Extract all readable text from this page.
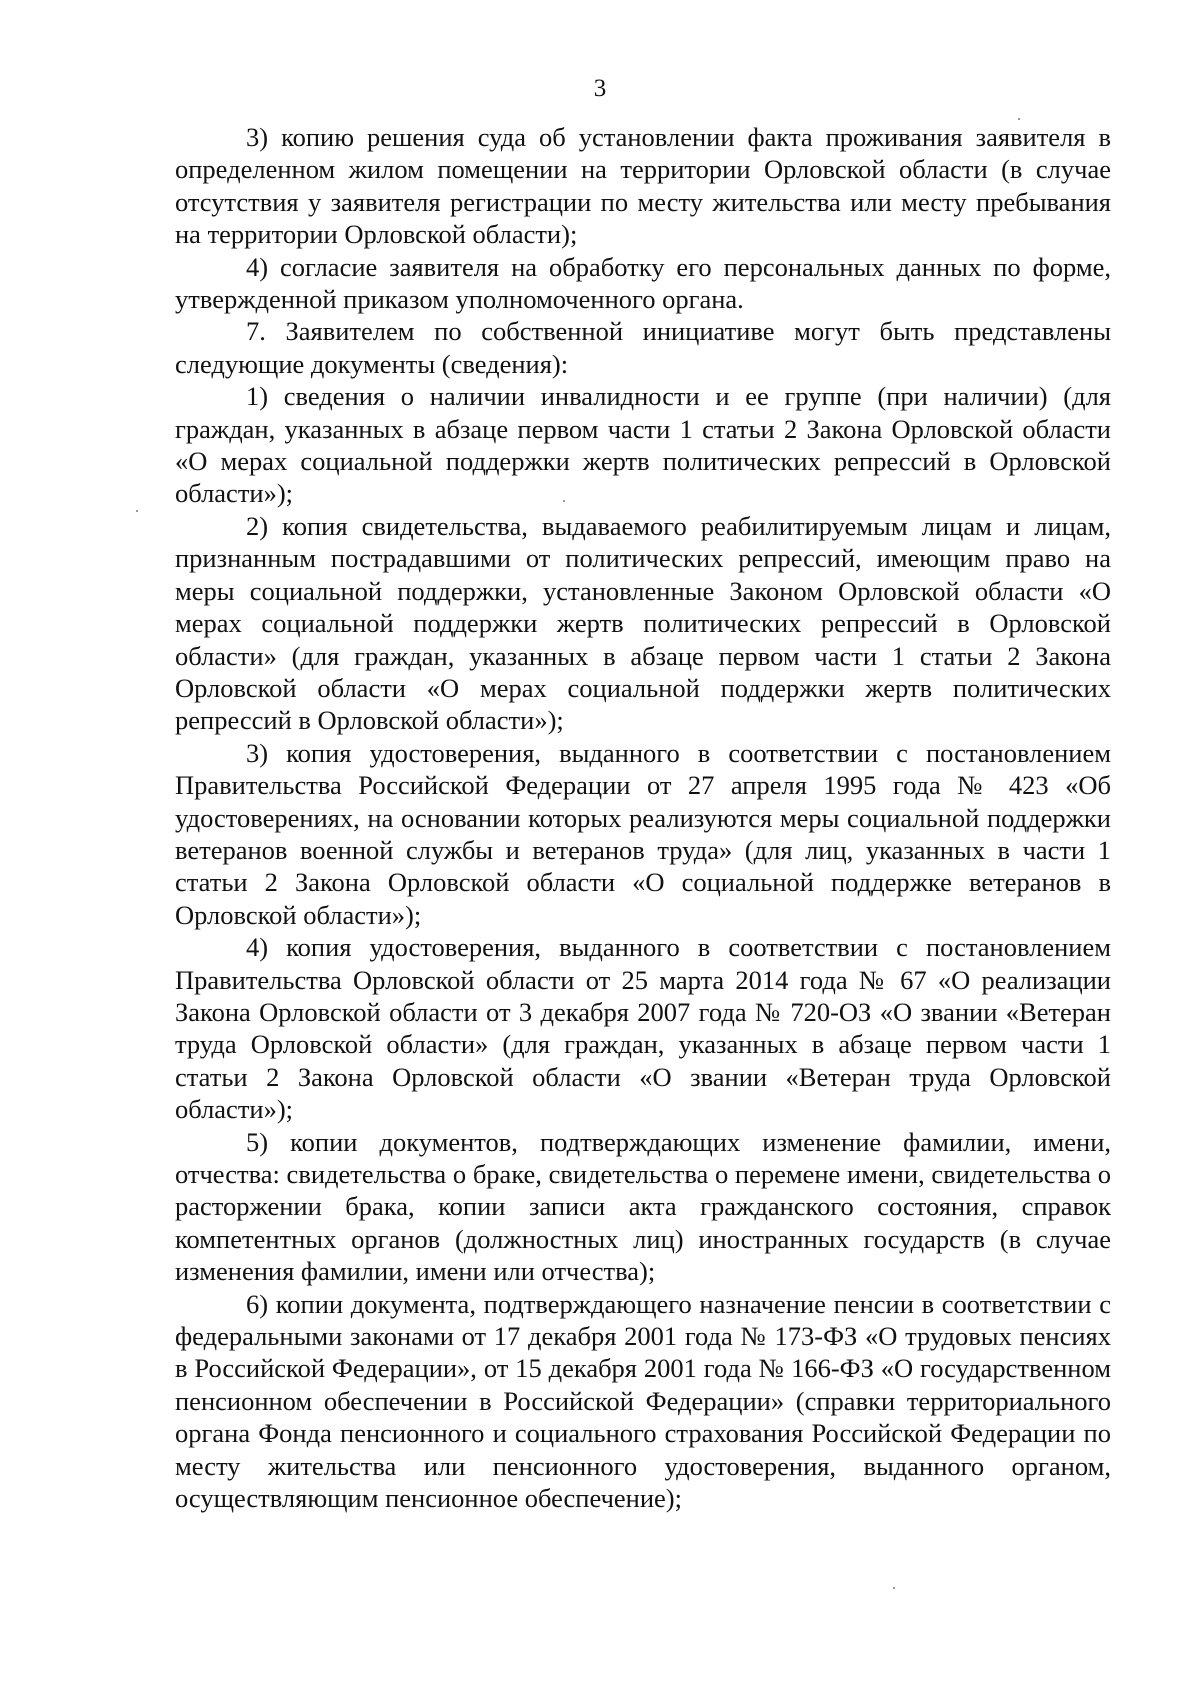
3

3) копию решения суда об установлении факта проживания заявителя в определенном жилом помещении на территории Орловской области (в случае отсутствия у заявителя регистрации по месту жительства или месту пребывания на территории Орловской области);

4) согласие заявителя на обработку его персональных данных по форме, утвержденной приказом уполномоченного органа.

7. Заявителем по собственной инициативе могут быть представлены следующие документы (сведения):

1) сведения о наличии инвалидности и ее группе (при наличии) (для граждан, указанных в абзаце первом части 1 статьи 2 Закона Орловской области «О мерах социальной поддержки жертв политических репрессий в Орловской области»);

2) копия свидетельства, выдаваемого реабилитируемым лицам и лицам, признанным пострадавшими от политических репрессий, имеющим право на меры социальной поддержки, установленные Законом Орловской области «О мерах социальной поддержки жертв политических репрессий в Орловской области» (для граждан, указанных в абзаце первом части 1 статьи 2 Закона Орловской области «О мерах социальной поддержки жертв политических репрессий в Орловской области»);

3) копия удостоверения, выданного в соответствии с постановлением Правительства Российской Федерации от 27 апреля 1995 года № 423 «Об удостоверениях, на основании которых реализуются меры социальной поддержки ветеранов военной службы и ветеранов труда» (для лиц, указанных в части 1 статьи 2 Закона Орловской области «О социальной поддержке ветеранов в Орловской области»);

4) копия удостоверения, выданного в соответствии с постановлением Правительства Орловской области от 25 марта 2014 года № 67 «О реализации Закона Орловской области от 3 декабря 2007 года № 720-ОЗ «О звании «Ветеран труда Орловской области» (для граждан, указанных в абзаце первом части 1 статьи 2 Закона Орловской области «О звании «Ветеран труда Орловской области»);

5) копии документов, подтверждающих изменение фамилии, имени, отчества: свидетельства о браке, свидетельства о перемене имени, свидетельства о расторжении брака, копии записи акта гражданского состояния, справок компетентных органов (должностных лиц) иностранных государств (в случае изменения фамилии, имени или отчества);

6) копии документа, подтверждающего назначение пенсии в соответствии с федеральными законами от 17 декабря 2001 года № 173-ФЗ «О трудовых пенсиях в Российской Федерации», от 15 декабря 2001 года № 166-ФЗ «О государственном пенсионном обеспечении в Российской Федерации» (справки территориального органа Фонда пенсионного и социального страхования Российской Федерации по месту жительства или пенсионного удостоверения, выданного органом, осуществляющим пенсионное обеспечение);
